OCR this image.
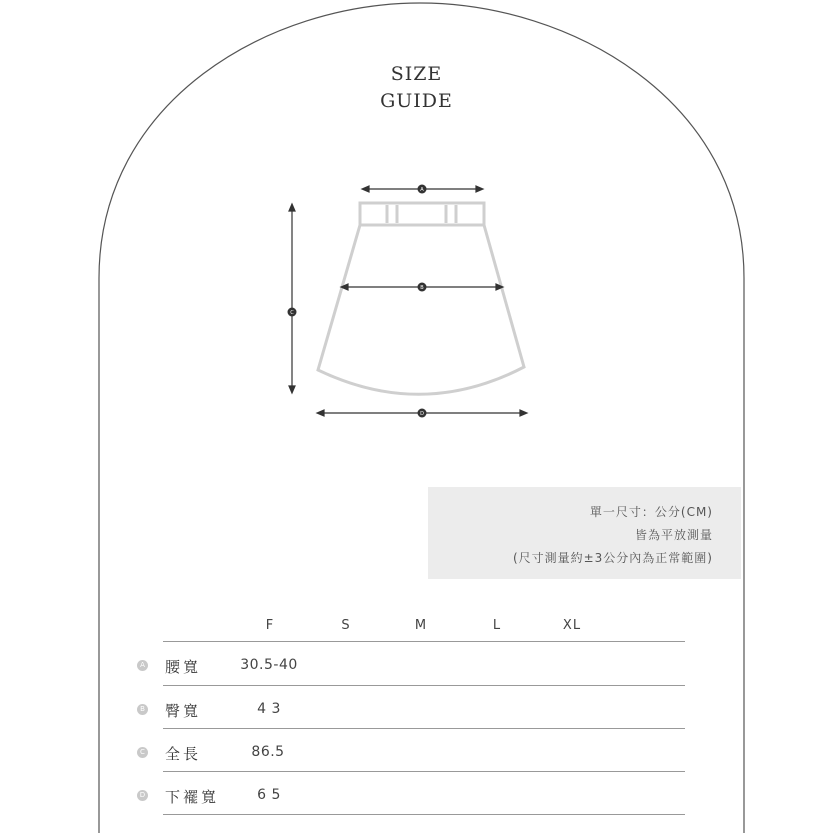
A
B
C
D
SIZE
GUIDE
單一尺寸：公分(CM)
皆為平放測量
(尺寸測量約±3公分內為正常範圍)
F	S	M	L	XL
A 腰寬	30.5-40
B 臀寬	4 3
C 全長	86.5
D 下襬寬	6 5
